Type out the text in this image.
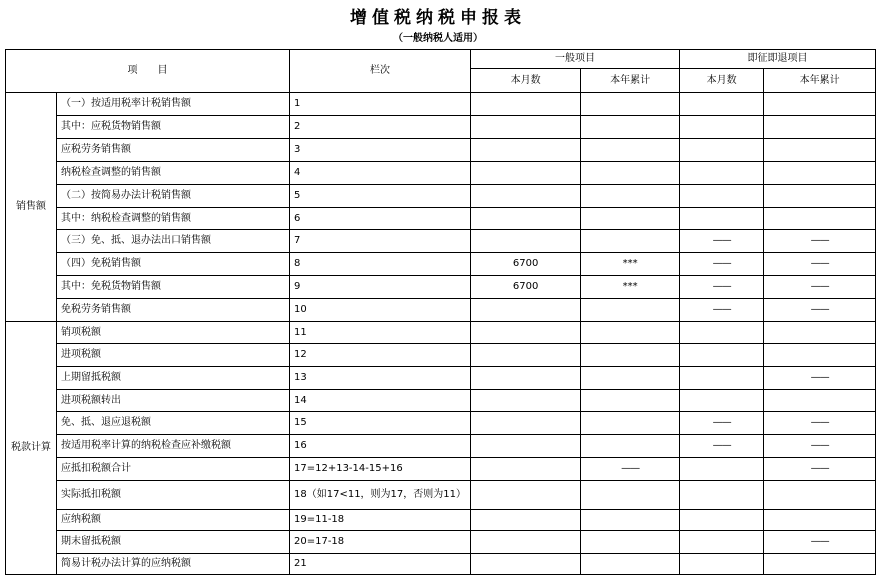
增值税纳税申报表
（一般纳税人适用）
项　　目		栏次	一般项目		即征即退项目	
			本月数	本年累计	本月数	本年累计
销售额	（一）按适用税率计税销售额	1				
	其中：应税货物销售额	2				
	应税劳务销售额	3				
	纳税检查调整的销售额	4				
	（二）按简易办法计税销售额	5				
	其中：纳税检查调整的销售额	6				
	（三）免、抵、退办法出口销售额	7			——	——
	（四）免税销售额	8	6700	***	——	——
	其中：免税货物销售额	9	6700	***	——	——
	免税劳务销售额	10			——	——
税款计算	销项税额	11				
	进项税额	12				
	上期留抵税额	13				——
	进项税额转出	14				
	免、抵、退应退税额	15			——	——
	按适用税率计算的纳税检查应补缴税额	16			——	——
	应抵扣税额合计	17=12+13-14-15+16		——		——
	实际抵扣税额	18（如17<11，则为17，否则为11）				
	应纳税额	19=11-18				
	期末留抵税额	20=17-18				——
	简易计税办法计算的应纳税额	21				
